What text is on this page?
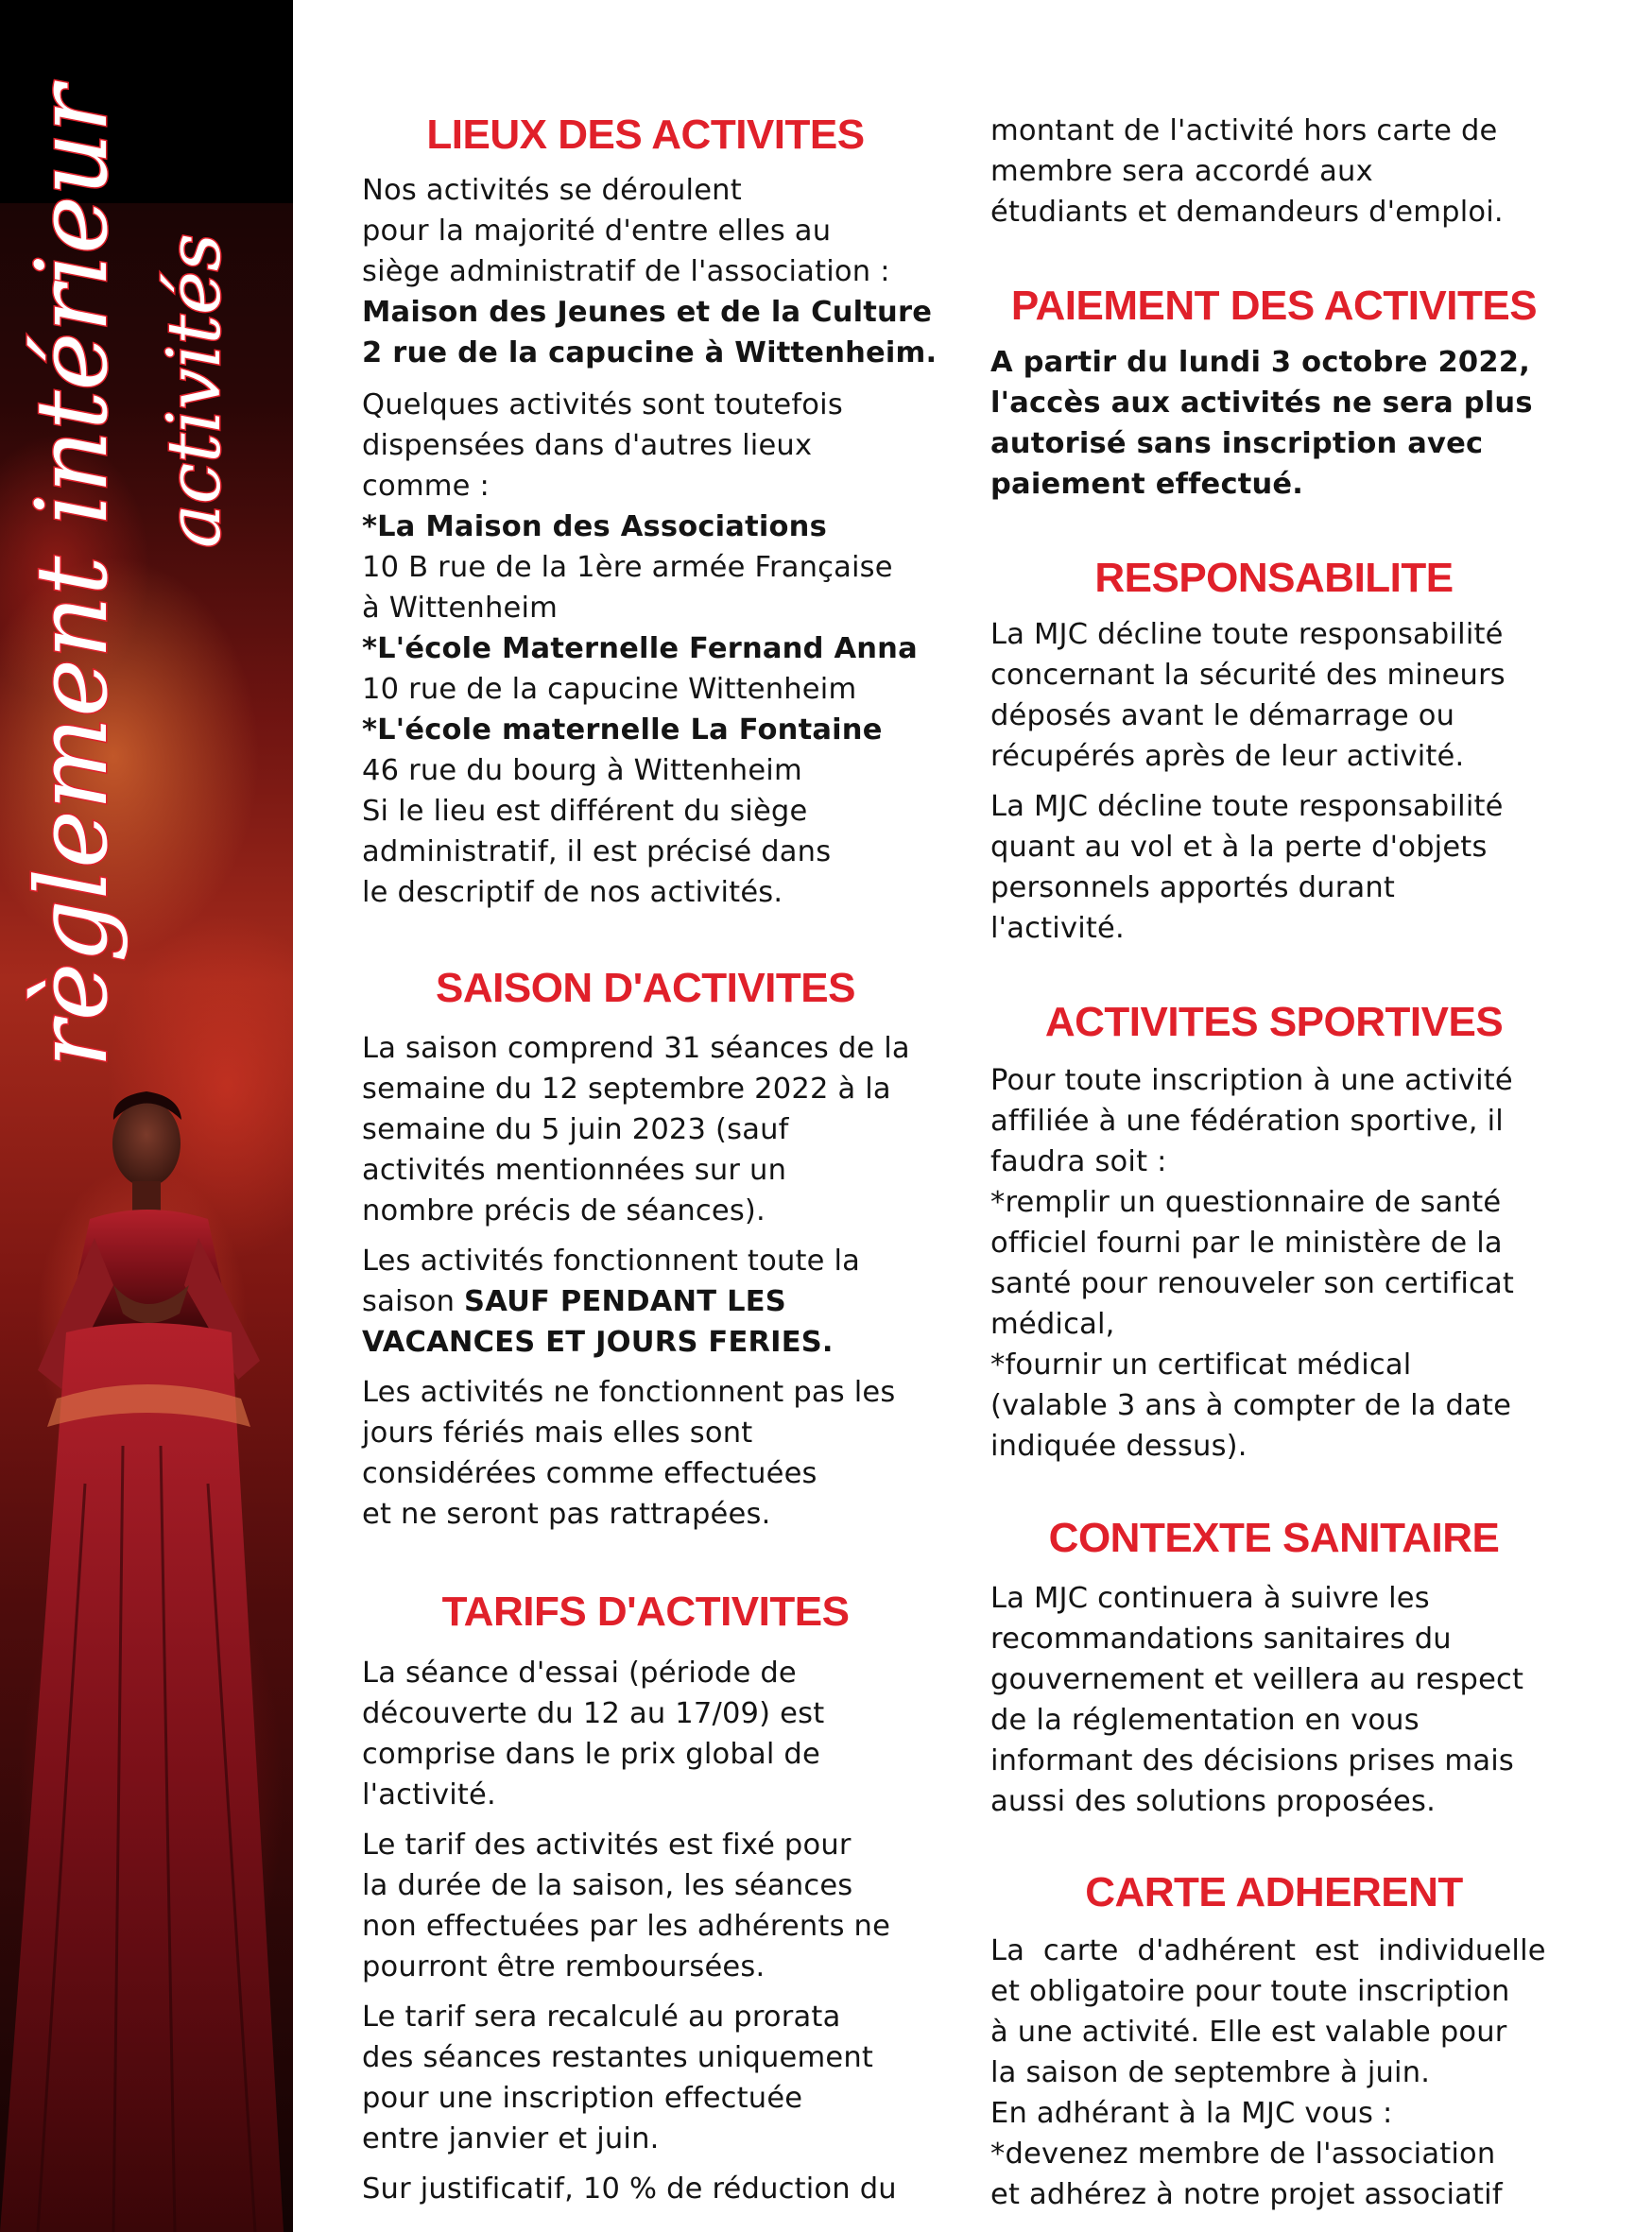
règlement intérieur activités
LIEUX DES ACTIVITES

Nos activités se déroulent

pour la majorité d'entre elles au

siège administratif de l'association :

Maison des Jeunes et de la Culture

2 rue de la capucine à Wittenheim.

Quelques activités sont toutefois

dispensées dans d'autres lieux

comme :

*La Maison des Associations

10 B rue de la 1ère armée Française

à Wittenheim

*L'école Maternelle Fernand Anna

10 rue de la capucine Wittenheim

*L'école maternelle La Fontaine

46 rue du bourg à Wittenheim

Si le lieu est différent du siège

administratif, il est précisé dans

le descriptif de nos activités.

SAISON D'ACTIVITES

La saison comprend 31 séances de la

semaine du 12 septembre 2022 à la

semaine du 5 juin 2023 (sauf

activités mentionnées sur un

nombre précis de séances).

Les activités fonctionnent toute la

saison SAUF PENDANT LES

VACANCES ET JOURS FERIES.

Les activités ne fonctionnent pas les

jours fériés mais elles sont

considérées comme effectuées

et ne seront pas rattrapées.

TARIFS D'ACTIVITES

La séance d'essai (période de

découverte du 12 au 17/09) est

comprise dans le prix global de

l'activité.

Le tarif des activités est fixé pour

la durée de la saison, les séances

non effectuées par les adhérents ne

pourront être remboursées.

Le tarif sera recalculé au prorata

des séances restantes uniquement

pour une inscription effectuée

entre janvier et juin.

Sur justificatif, 10 % de réduction du

montant de l'activité hors carte de

membre sera accordé aux

étudiants et demandeurs d'emploi.

PAIEMENT DES ACTIVITES

A partir du lundi 3 octobre 2022,

l'accès aux activités ne sera plus

autorisé sans inscription avec

paiement effectué.

RESPONSABILITE

La MJC décline toute responsabilité

concernant la sécurité des mineurs

déposés avant le démarrage ou

récupérés après de leur activité.

La MJC décline toute responsabilité

quant au vol et à la perte d'objets

personnels apportés durant

l'activité.

ACTIVITES SPORTIVES

Pour toute inscription à une activité

affiliée à une fédération sportive, il

faudra soit :

*remplir un questionnaire de santé

officiel fourni par le ministère de la

santé pour renouveler son certificat

médical,

*fournir un certificat médical

(valable 3 ans à compter de la date

indiquée dessus).

CONTEXTE SANITAIRE

La MJC continuera à suivre les

recommandations sanitaires du

gouvernement et veillera au respect

de la réglementation en vous

informant des décisions prises mais

aussi des solutions proposées.

CARTE ADHERENT

La  carte  d'adhérent  est  individuelle

et obligatoire pour toute inscription

à une activité. Elle est valable pour

la saison de septembre à juin.

En adhérant à la MJC vous :

*devenez membre de l'association

et adhérez à notre projet associatif
